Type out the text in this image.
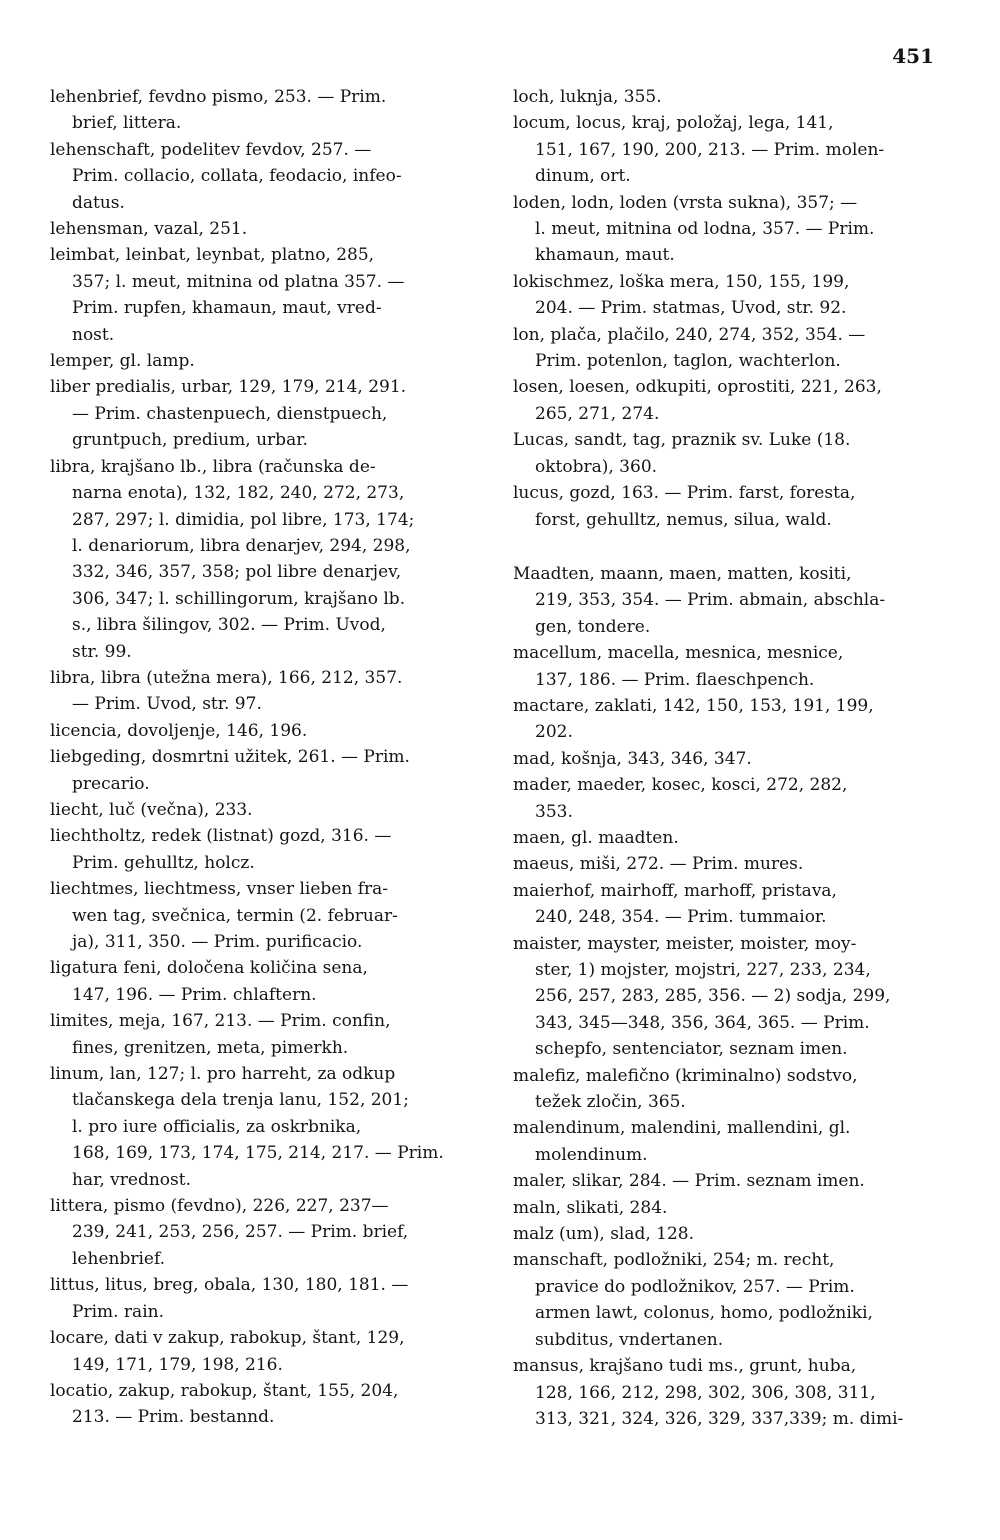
451
lehenbrief, fevdno pismo, 253. — Prim.
brief, littera.
lehenschaft, podelitev fevdov, 257. —
Prim. collacio, collata, feodacio, infeo-
datus.
lehensman, vazal, 251.
leimbat, leinbat, leynbat, platno, 285,
357; l. meut, mitnina od platna 357. —
Prim. rupfen, khamaun, maut, vred-
nost.
lemper, gl. lamp.
liber predialis, urbar, 129, 179, 214, 291.
— Prim. chastenpuech, dienstpuech,
gruntpuch, predium, urbar.
libra, krajšano lb., libra (računska de-
narna enota), 132, 182, 240, 272, 273,
287, 297; l. dimidia, pol libre, 173, 174;
l. denariorum, libra denarjev, 294, 298,
332, 346, 357, 358; pol libre denarjev,
306, 347; l. schillingorum, krajšano lb.
s., libra šilingov, 302. — Prim. Uvod,
str. 99.
libra, libra (utežna mera), 166, 212, 357.
— Prim. Uvod, str. 97.
licencia, dovoljenje, 146, 196.
liebgeding, dosmrtni užitek, 261. — Prim.
precario.
liecht, luč (večna), 233.
liechtholtz, redek (listnat) gozd, 316. —
Prim. gehulltz, holcz.
liechtmes, liechtmess, vnser lieben fra-
wen tag, svečnica, termin (2. februar-
ja), 311, 350. — Prim. purificacio.
ligatura feni, določena količina sena,
147, 196. — Prim. chlaftern.
limites, meja, 167, 213. — Prim. confin,
fines, grenitzen, meta, pimerkh.
linum, lan, 127; l. pro harreht, za odkup
tlačanskega dela trenja lanu, 152, 201;
l. pro iure officialis, za oskrbnika,
168, 169, 173, 174, 175, 214, 217. — Prim.
har, vrednost.
littera, pismo (fevdno), 226, 227, 237—
239, 241, 253, 256, 257. — Prim. brief,
lehenbrief.
littus, litus, breg, obala, 130, 180, 181. —
Prim. rain.
locare, dati v zakup, rabokup, štant, 129,
149, 171, 179, 198, 216.
locatio, zakup, rabokup, štant, 155, 204,
213. — Prim. bestannd.
loch, luknja, 355.
locum, locus, kraj, položaj, lega, 141,
151, 167, 190, 200, 213. — Prim. molen-
dinum, ort.
loden, lodn, loden (vrsta sukna), 357; —
l. meut, mitnina od lodna, 357. — Prim.
khamaun, maut.
lokischmez, loška mera, 150, 155, 199,
204. — Prim. statmas, Uvod, str. 92.
lon, plača, plačilo, 240, 274, 352, 354. —
Prim. potenlon, taglon, wachterlon.
losen, loesen, odkupiti, oprostiti, 221, 263,
265, 271, 274.
Lucas, sandt, tag, praznik sv. Luke (18.
oktobra), 360.
lucus, gozd, 163. — Prim. farst, foresta,
forst, gehulltz, nemus, silua, wald.
Maadten, maann, maen, matten, kositi,
219, 353, 354. — Prim. abmain, abschla-
gen, tondere.
macellum, macella, mesnica, mesnice,
137, 186. — Prim. flaeschpench.
mactare, zaklati, 142, 150, 153, 191, 199,
202.
mad, košnja, 343, 346, 347.
mader, maeder, kosec, kosci, 272, 282,
353.
maen, gl. maadten.
maeus, miši, 272. — Prim. mures.
maierhof, mairhoff, marhoff, pristava,
240, 248, 354. — Prim. tummaior.
maister, mayster, meister, moister, moy-
ster, 1) mojster, mojstri, 227, 233, 234,
256, 257, 283, 285, 356. — 2) sodja, 299,
343, 345—348, 356, 364, 365. — Prim.
schepfo, sentenciator, seznam imen.
malefiz, malefično (kriminalno) sodstvo,
težek zločin, 365.
malendinum, malendini, mallendini, gl.
molendinum.
maler, slikar, 284. — Prim. seznam imen.
maln, slikati, 284.
malz (um), slad, 128.
manschaft, podložniki, 254; m. recht,
pravice do podložnikov, 257. — Prim.
armen lawt, colonus, homo, podložniki,
subditus, vndertanen.
mansus, krajšano tudi ms., grunt, huba,
128, 166, 212, 298, 302, 306, 308, 311,
313, 321, 324, 326, 329, 337,339; m. dimi-
